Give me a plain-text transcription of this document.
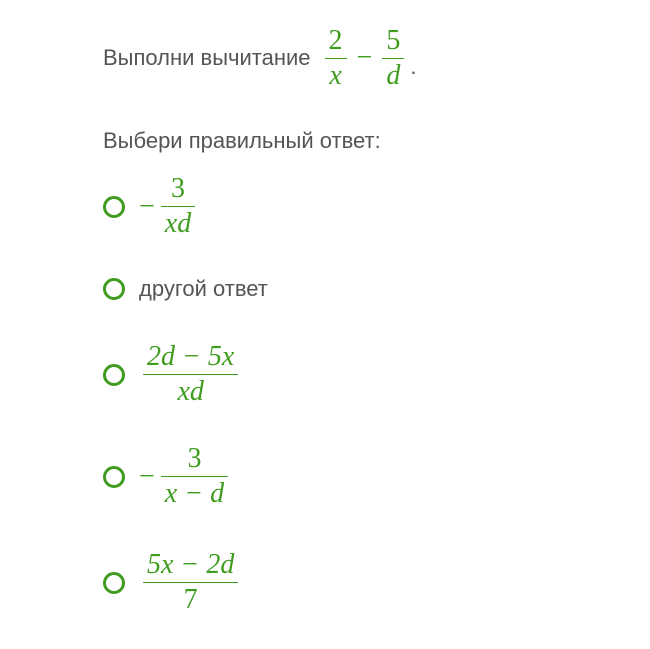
Выполни вычитание $\frac{2}{x} - \frac{5}{d}$ .
Выбери правильный ответ:
− $\frac{3}{xd}$
другой ответ
$\frac{2d - 5x}{xd}$
− $\frac{3}{x - d}$
$\frac{5x - 2d}{7}$
